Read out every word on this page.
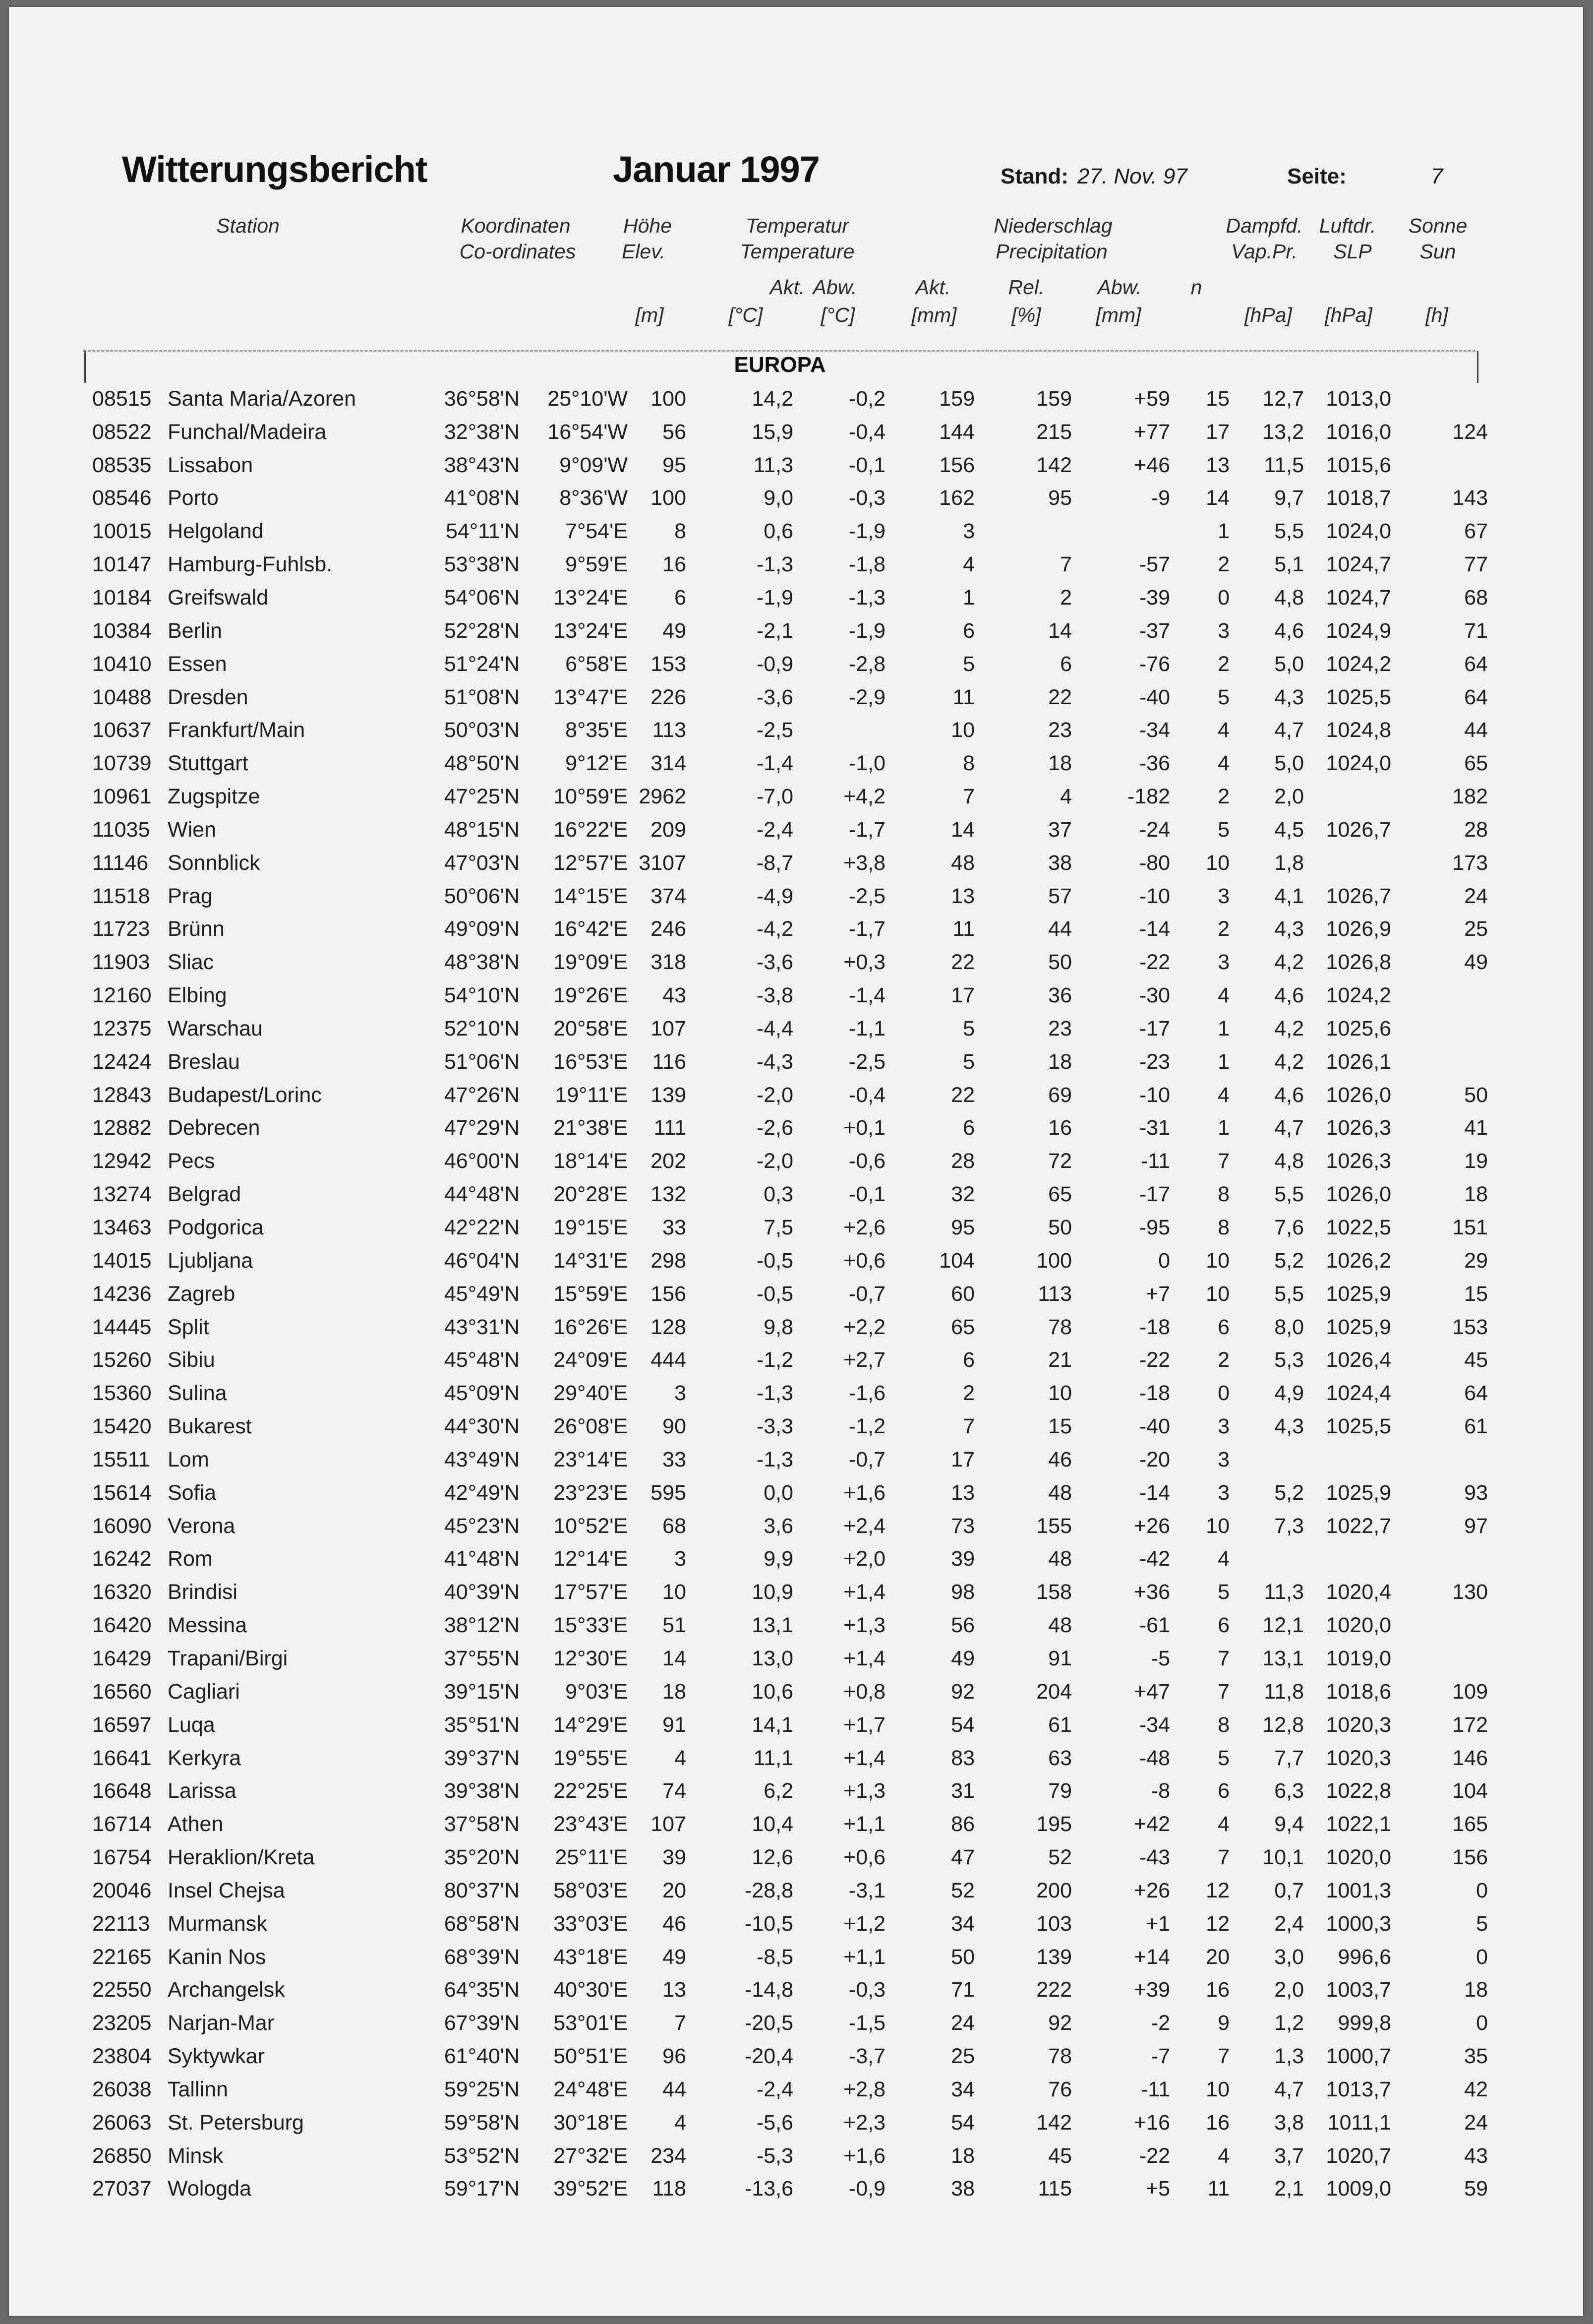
Witterungsbericht	Januar 1997	Stand: 27. Nov. 97	Seite:	7
Station	Koordinaten	Höhe	Temperatur	Niederschlag	Dampfd. Luftdr. Sonne
Co-ordinates Elev.	Temperature	Precipitation	Vap.Pr. SLP Sun
Akt. Abw.	Akt.	Rel.	Abw. n
[m]	[°C]	[°C]	[mm]	[%]	[mm]	[hPa] [hPa]	[h]
EUROPA
08515	Santa Maria/Azoren	36°58'N	25°10'W	100	14,2	-0,2	159	159	+59	15	12,7	1013,0		
08522	Funchal/Madeira	32°38'N	16°54'W	56	15,9	-0,4	144	215	+77	17	13,2	1016,0	124	
08535	Lissabon	38°43'N	9°09'W	95	11,3	-0,1	156	142	+46	13	11,5	1015,6		
08546	Porto	41°08'N	8°36'W	100	9,0	-0,3	162	95	-9	14	9,7	1018,7	143	
10015	Helgoland	54°11'N	7°54'E	8	0,6	-1,9	3			1	5,5	1024,0	67	
10147	Hamburg-Fuhlsb.	53°38'N	9°59'E	16	-1,3	-1,8	4	7	-57	2	5,1	1024,7	77	
10184	Greifswald	54°06'N	13°24'E	6	-1,9	-1,3	1	2	-39	0	4,8	1024,7	68	
10384	Berlin	52°28'N	13°24'E	49	-2,1	-1,9	6	14	-37	3	4,6	1024,9	71	
10410	Essen	51°24'N	6°58'E	153	-0,9	-2,8	5	6	-76	2	5,0	1024,2	64	
10488	Dresden	51°08'N	13°47'E	226	-3,6	-2,9	11	22	-40	5	4,3	1025,5	64	
10637	Frankfurt/Main	50°03'N	8°35'E	113	-2,5		10	23	-34	4	4,7	1024,8	44	
10739	Stuttgart	48°50'N	9°12'E	314	-1,4	-1,0	8	18	-36	4	5,0	1024,0	65	
10961	Zugspitze	47°25'N	10°59'E	2962	-7,0	+4,2	7	4	-182	2	2,0		182	
11035	Wien	48°15'N	16°22'E	209	-2,4	-1,7	14	37	-24	5	4,5	1026,7	28	
11146	Sonnblick	47°03'N	12°57'E	3107	-8,7	+3,8	48	38	-80	10	1,8		173	
11518	Prag	50°06'N	14°15'E	374	-4,9	-2,5	13	57	-10	3	4,1	1026,7	24	
11723	Brünn	49°09'N	16°42'E	246	-4,2	-1,7	11	44	-14	2	4,3	1026,9	25	
11903	Sliac	48°38'N	19°09'E	318	-3,6	+0,3	22	50	-22	3	4,2	1026,8	49	
12160	Elbing	54°10'N	19°26'E	43	-3,8	-1,4	17	36	-30	4	4,6	1024,2		
12375	Warschau	52°10'N	20°58'E	107	-4,4	-1,1	5	23	-17	1	4,2	1025,6		
12424	Breslau	51°06'N	16°53'E	116	-4,3	-2,5	5	18	-23	1	4,2	1026,1		
12843	Budapest/Lorinc	47°26'N	19°11'E	139	-2,0	-0,4	22	69	-10	4	4,6	1026,0	50	
12882	Debrecen	47°29'N	21°38'E	111	-2,6	+0,1	6	16	-31	1	4,7	1026,3	41	
12942	Pecs	46°00'N	18°14'E	202	-2,0	-0,6	28	72	-11	7	4,8	1026,3	19	
13274	Belgrad	44°48'N	20°28'E	132	0,3	-0,1	32	65	-17	8	5,5	1026,0	18	
13463	Podgorica	42°22'N	19°15'E	33	7,5	+2,6	95	50	-95	8	7,6	1022,5	151	
14015	Ljubljana	46°04'N	14°31'E	298	-0,5	+0,6	104	100	0	10	5,2	1026,2	29	
14236	Zagreb	45°49'N	15°59'E	156	-0,5	-0,7	60	113	+7	10	5,5	1025,9	15	
14445	Split	43°31'N	16°26'E	128	9,8	+2,2	65	78	-18	6	8,0	1025,9	153	
15260	Sibiu	45°48'N	24°09'E	444	-1,2	+2,7	6	21	-22	2	5,3	1026,4	45	
15360	Sulina	45°09'N	29°40'E	3	-1,3	-1,6	2	10	-18	0	4,9	1024,4	64	
15420	Bukarest	44°30'N	26°08'E	90	-3,3	-1,2	7	15	-40	3	4,3	1025,5	61	
15511	Lom	43°49'N	23°14'E	33	-1,3	-0,7	17	46	-20	3				
15614	Sofia	42°49'N	23°23'E	595	0,0	+1,6	13	48	-14	3	5,2	1025,9	93	
16090	Verona	45°23'N	10°52'E	68	3,6	+2,4	73	155	+26	10	7,3	1022,7	97	
16242	Rom	41°48'N	12°14'E	3	9,9	+2,0	39	48	-42	4				
16320	Brindisi	40°39'N	17°57'E	10	10,9	+1,4	98	158	+36	5	11,3	1020,4	130	
16420	Messina	38°12'N	15°33'E	51	13,1	+1,3	56	48	-61	6	12,1	1020,0		
16429	Trapani/Birgi	37°55'N	12°30'E	14	13,0	+1,4	49	91	-5	7	13,1	1019,0		
16560	Cagliari	39°15'N	9°03'E	18	10,6	+0,8	92	204	+47	7	11,8	1018,6	109	
16597	Luqa	35°51'N	14°29'E	91	14,1	+1,7	54	61	-34	8	12,8	1020,3	172	
16641	Kerkyra	39°37'N	19°55'E	4	11,1	+1,4	83	63	-48	5	7,7	1020,3	146	
16648	Larissa	39°38'N	22°25'E	74	6,2	+1,3	31	79	-8	6	6,3	1022,8	104	
16714	Athen	37°58'N	23°43'E	107	10,4	+1,1	86	195	+42	4	9,4	1022,1	165	
16754	Heraklion/Kreta	35°20'N	25°11'E	39	12,6	+0,6	47	52	-43	7	10,1	1020,0	156	
20046	Insel Chejsa	80°37'N	58°03'E	20	-28,8	-3,1	52	200	+26	12	0,7	1001,3	0	
22113	Murmansk	68°58'N	33°03'E	46	-10,5	+1,2	34	103	+1	12	2,4	1000,3	5	
22165	Kanin Nos	68°39'N	43°18'E	49	-8,5	+1,1	50	139	+14	20	3,0	996,6	0	
22550	Archangelsk	64°35'N	40°30'E	13	-14,8	-0,3	71	222	+39	16	2,0	1003,7	18	
23205	Narjan-Mar	67°39'N	53°01'E	7	-20,5	-1,5	24	92	-2	9	1,2	999,8	0	
23804	Syktywkar	61°40'N	50°51'E	96	-20,4	-3,7	25	78	-7	7	1,3	1000,7	35	
26038	Tallinn	59°25'N	24°48'E	44	-2,4	+2,8	34	76	-11	10	4,7	1013,7	42	
26063	St. Petersburg	59°58'N	30°18'E	4	-5,6	+2,3	54	142	+16	16	3,8	1011,1	24	
26850	Minsk	53°52'N	27°32'E	234	-5,3	+1,6	18	45	-22	4	3,7	1020,7	43	
27037	Wologda	59°17'N	39°52'E	118	-13,6	-0,9	38	115	+5	11	2,1	1009,0	59	
